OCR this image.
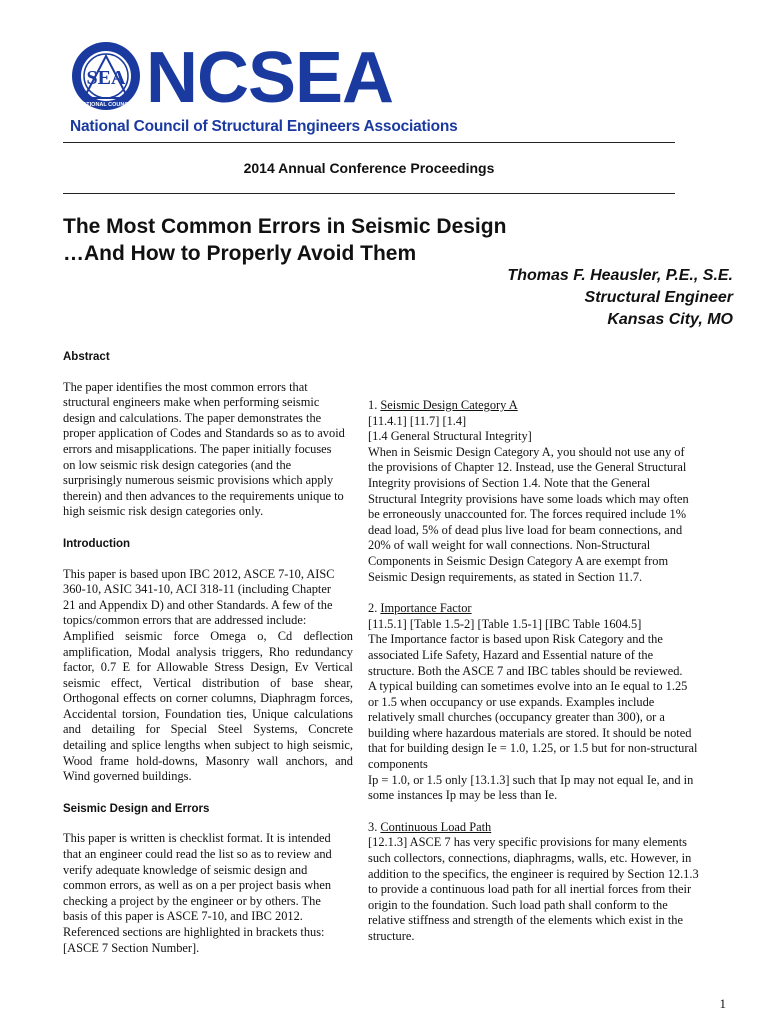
SEA
NATIONAL COUNCIL NCSEA
National Council of Structural Engineers Associations
2014 Annual Conference Proceedings
The Most Common Errors in Seismic Design
…And How to Properly Avoid Them
Thomas F. Heausler, P.E., S.E.
Structural Engineer
Kansas City, MO
Abstract
The paper identifies the most common errors that
structural engineers make when performing seismic
design and calculations. The paper demonstrates the
proper application of Codes and Standards so as to avoid
errors and misapplications. The paper initially focuses
on low seismic risk design categories (and the
surprisingly numerous seismic provisions which apply
therein) and then advances to the requirements unique to
high seismic risk design categories only.
Introduction
This paper is based upon IBC 2012, ASCE 7-10, AISC
360-10, ASIC 341-10, ACI 318-11 (including Chapter
21 and Appendix D) and other Standards. A few of the
topics/common errors that are addressed include:
Amplified seismic force Omega o, Cd deflection amplification, Modal analysis triggers, Rho redundancy factor, 0.7 E for Allowable Stress Design, Ev Vertical seismic effect, Vertical distribution of base shear, Orthogonal effects on corner columns, Diaphragm forces, Accidental torsion, Foundation ties, Unique calculations and detailing for Special Steel Systems, Concrete detailing and splice lengths when subject to high seismic, Wood frame hold-downs, Masonry wall anchors, and Wind governed buildings.
Seismic Design and Errors
This paper is written is checklist format. It is intended
that an engineer could read the list so as to review and
verify adequate knowledge of seismic design and
common errors, as well as on a per project basis when
checking a project by the engineer or by others. The
basis of this paper is ASCE 7-10, and IBC 2012.
Referenced sections are highlighted in brackets thus:
[ASCE 7 Section Number].
1. Seismic Design Category A
[11.4.1] [11.7] [1.4]
[1.4 General Structural Integrity]
When in Seismic Design Category A, you should not use any of
the provisions of Chapter 12. Instead, use the General Structural
Integrity provisions of Section 1.4. Note that the General
Structural Integrity provisions have some loads which may often
be erroneously unaccounted for. The forces required include 1%
dead load, 5% of dead plus live load for beam connections, and
20% of wall weight for wall connections. Non-Structural
Components in Seismic Design Category A are exempt from
Seismic Design requirements, as stated in Section 11.7.
2. Importance Factor
[11.5.1] [Table 1.5-2] [Table 1.5-1] [IBC Table 1604.5]
The Importance factor is based upon Risk Category and the
associated Life Safety, Hazard and Essential nature of the
structure. Both the ASCE 7 and IBC tables should be reviewed.
A typical building can sometimes evolve into an Ie equal to 1.25
or 1.5 when occupancy or use expands. Examples include
relatively small churches (occupancy greater than 300), or a
building where hazardous materials are stored. It should be noted
that for building design Ie = 1.0, 1.25, or 1.5 but for non-structural
components
Ip = 1.0, or 1.5 only [13.1.3] such that Ip may not equal Ie, and in
some instances Ip may be less than Ie.
3. Continuous Load Path
[12.1.3] ASCE 7 has very specific provisions for many elements
such collectors, connections, diaphragms, walls, etc. However, in
addition to the specifics, the engineer is required by Section 12.1.3
to provide a continuous load path for all inertial forces from their
origin to the foundation. Such load path shall conform to the
relative stiffness and strength of the elements which exist in the
structure.
1
